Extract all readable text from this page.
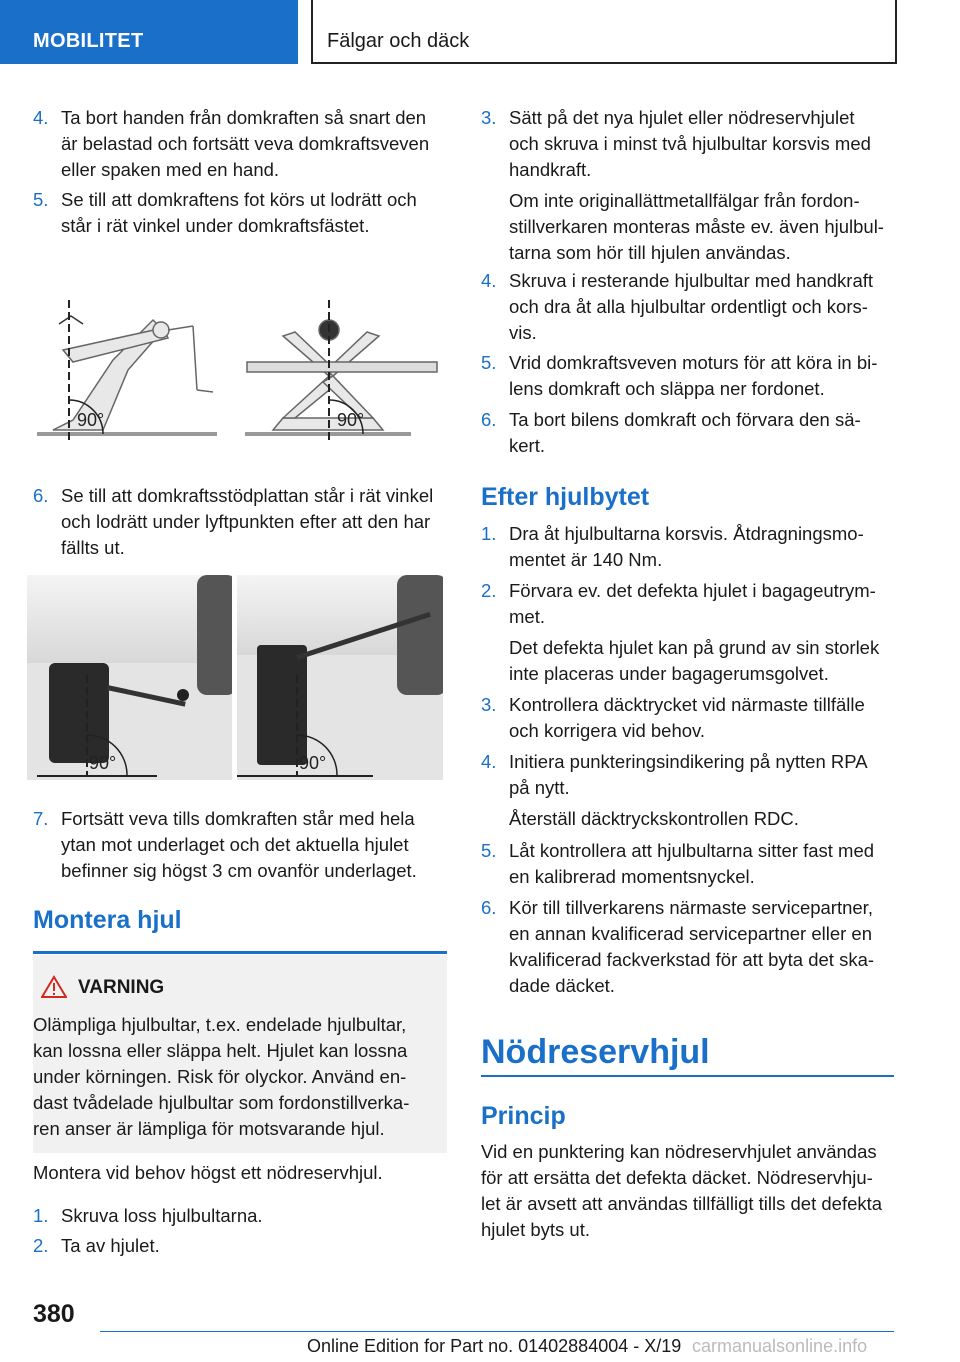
MOBILITET	Fälgar och däck
4. Ta bort handen från domkraften så snart den
är belastad och fortsätt veva domkraftsveven
eller spaken med en hand.
5. Se till att domkraftens fot körs ut lodrätt och
står i rät vinkel under domkraftsfästet.
90°	90°
6. Se till att domkraftsstödplattan står i rät vinkel
och lodrätt under lyftpunkten efter att den har
fällts ut.
90°	90°
7. Fortsätt veva tills domkraften står med hela
ytan mot underlaget och det aktuella hjulet
befinner sig högst 3 cm ovanför underlaget.
Montera hjul
VARNING
Olämpliga hjulbultar, t.ex. endelade hjulbultar,
kan lossna eller släppa helt. Hjulet kan lossna
under körningen. Risk för olyckor. Använd en-
dast tvådelade hjulbultar som fordonstillverka-
ren anser är lämpliga för motsvarande hjul.
Montera vid behov högst ett nödreservhjul.
1. Skruva loss hjulbultarna.
2. Ta av hjulet.
3. Sätt på det nya hjulet eller nödreservhjulet
och skruva i minst två hjulbultar korsvis med
handkraft.
Om inte originallättmetallfälgar från fordon-
stillverkaren monteras måste ev. även hjulbul-
tarna som hör till hjulen användas.
4. Skruva i resterande hjulbultar med handkraft
och dra åt alla hjulbultar ordentligt och kors-
vis.
5. Vrid domkraftsveven moturs för att köra in bi-
lens domkraft och släppa ner fordonet.
6. Ta bort bilens domkraft och förvara den sä-
kert.
Efter hjulbytet
1. Dra åt hjulbultarna korsvis. Åtdragningsmo-
mentet är 140 Nm.
2. Förvara ev. det defekta hjulet i bagageutrym-
met.
Det defekta hjulet kan på grund av sin storlek
inte placeras under bagagerumsgolvet.
3. Kontrollera däcktrycket vid närmaste tillfälle
och korrigera vid behov.
4. Initiera punkteringsindikering på nytten RPA
på nytt.
Återställ däcktryckskontrollen RDC.
5. Låt kontrollera att hjulbultarna sitter fast med
en kalibrerad momentsnyckel.
6. Kör till tillverkarens närmaste servicepartner,
en annan kvalificerad servicepartner eller en
kvalificerad fackverkstad för att byta det ska-
dade däcket.
Nödreservhjul
Princip
Vid en punktering kan nödreservhjulet användas
för att ersätta det defekta däcket. Nödreservhju-
let är avsett att användas tillfälligt tills det defekta
hjulet byts ut.
380
Online Edition for Part no. 01402884004 - X/19 carmanualsonline.info
